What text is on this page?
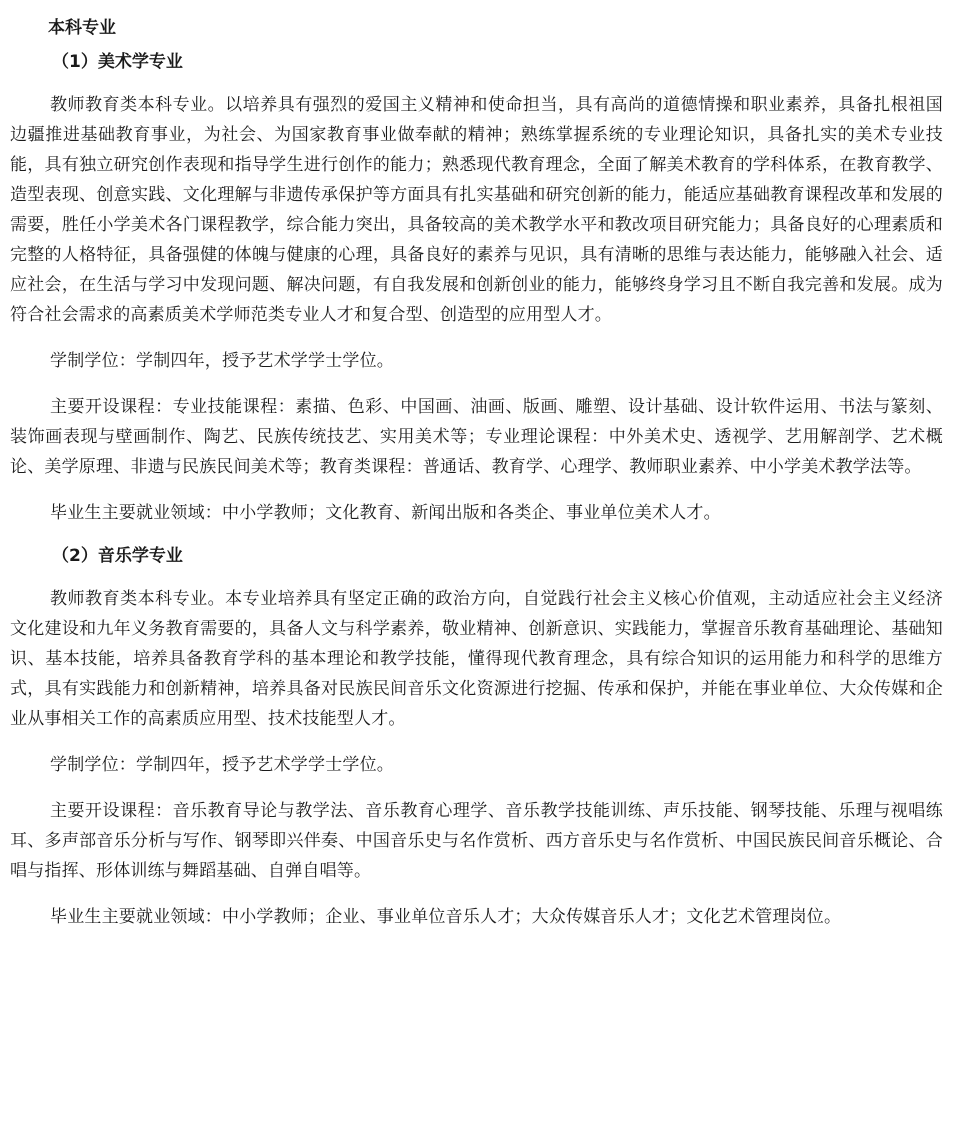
本科专业
（1）美术学专业

教师教育类本科专业。以培养具有强烈的爱国主义精神和使命担当，具有高尚的道德情操和职业素养，具备扎根祖国边疆推进基础教育事业，为社会、为国家教育事业做奉献的精神；熟练掌握系统的专业理论知识，具备扎实的美术专业技能，具有独立研究创作表现和指导学生进行创作的能力；熟悉现代教育理念，全面了解美术教育的学科体系，在教育教学、造型表现、创意实践、文化理解与非遗传承保护等方面具有扎实基础和研究创新的能力，能适应基础教育课程改革和发展的需要，胜任小学美术各门课程教学，综合能力突出，具备较高的美术教学水平和教改项目研究能力；具备良好的心理素质和完整的人格特征，具备强健的体魄与健康的心理，具备良好的素养与见识，具有清晰的思维与表达能力，能够融入社会、适应社会，在生活与学习中发现问题、解决问题，有自我发展和创新创业的能力，能够终身学习且不断自我完善和发展。成为符合社会需求的高素质美术学师范类专业人才和复合型、创造型的应用型人才。

学制学位：学制四年，授予艺术学学士学位。

主要开设课程：专业技能课程：素描、色彩、中国画、油画、版画、雕塑、设计基础、设计软件运用、书法与篆刻、装饰画表现与壁画制作、陶艺、民族传统技艺、实用美术等；专业理论课程：中外美术史、透视学、艺用解剖学、艺术概论、美学原理、非遗与民族民间美术等；教育类课程：普通话、教育学、心理学、教师职业素养、中小学美术教学法等。

毕业生主要就业领域：中小学教师；文化教育、新闻出版和各类企、事业单位美术人才。

（2）音乐学专业

教师教育类本科专业。本专业培养具有坚定正确的政治方向，自觉践行社会主义核心价值观，主动适应社会主义经济文化建设和九年义务教育需要的，具备人文与科学素养，敬业精神、创新意识、实践能力，掌握音乐教育基础理论、基础知识、基本技能，培养具备教育学科的基本理论和教学技能，懂得现代教育理念，具有综合知识的运用能力和科学的思维方式，具有实践能力和创新精神，培养具备对民族民间音乐文化资源进行挖掘、传承和保护，并能在事业单位、大众传媒和企业从事相关工作的高素质应用型、技术技能型人才。

学制学位：学制四年，授予艺术学学士学位。

主要开设课程：音乐教育导论与教学法、音乐教育心理学、音乐教学技能训练、声乐技能、钢琴技能、乐理与视唱练耳、多声部音乐分析与写作、钢琴即兴伴奏、中国音乐史与名作赏析、西方音乐史与名作赏析、中国民族民间音乐概论、合唱与指挥、形体训练与舞蹈基础、自弹自唱等。

毕业生主要就业领域：中小学教师；企业、事业单位音乐人才；大众传媒音乐人才；文化艺术管理岗位。
